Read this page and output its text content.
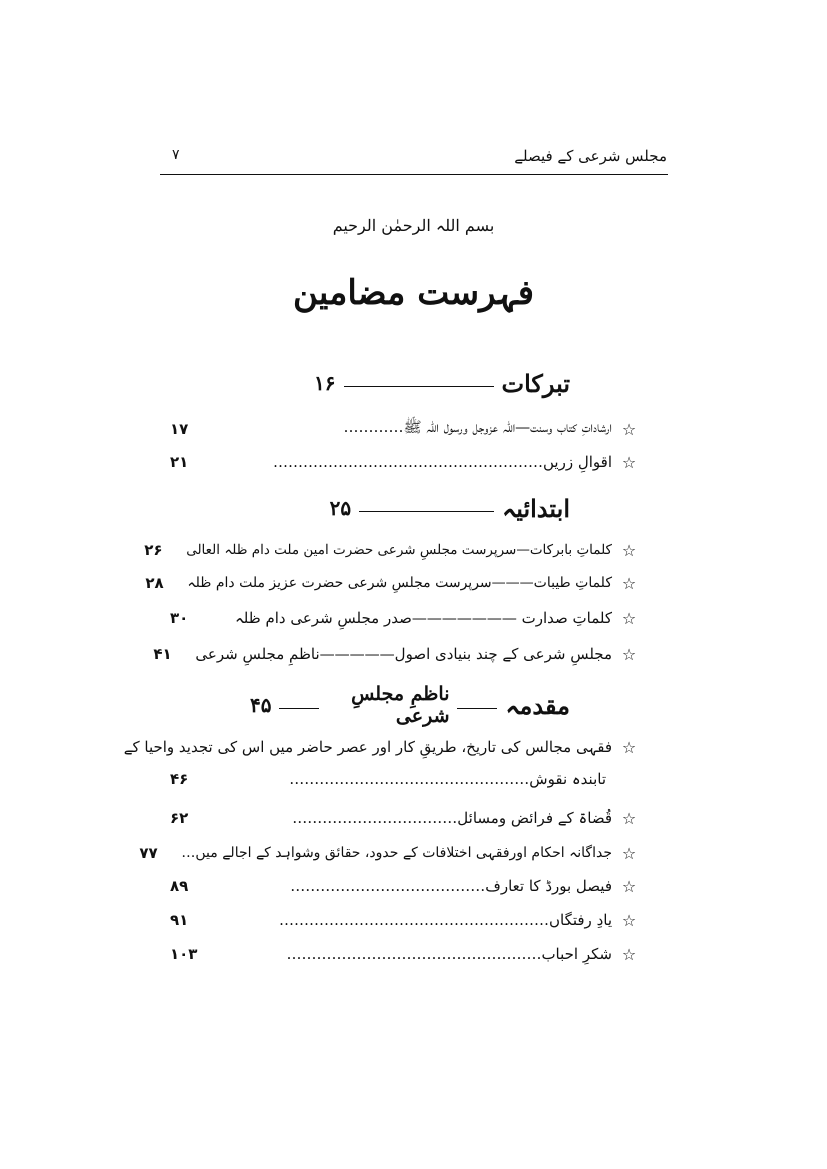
مجلس شرعی کے فیصلے
۷
بسم اللہ الرحمٰن الرحیم
فہرست مضامین
تبرکات
۱۶
☆
ارشاداتِ کتاب وسنت—اللہ عزوجل ورسول اللہ ﷺ…………
۱۷
☆
اقوالِ زریں………………………………………………
۲۱
ابتدائیہ
۲۵
☆
کلماتِ بابرکات—سرپرست مجلسِ شرعی حضرت امین ملت دام ظلہ العالی
۲۶
☆
کلماتِ طیبات———سرپرست مجلسِ شرعی حضرت عزیز ملت دام ظلہ
۲۸
☆
کلماتِ صدارت ———————صدر مجلسِ شرعی دام ظلہ
۳۰
☆
مجلسِ شرعی کے چند بنیادی اصول—————ناظمِ مجلسِ شرعی
۴۱
مقدمہ
ناظمِ مجلسِ شرعی
۴۵
☆
فقہی مجالس کی تاریخ، طریقِ کار اور عصر حاضر میں اس کی تجدید واحیا کے
تابندہ نقوش…………………………………………
۴۶
☆
قُضاۃ کے فرائض ومسائل……………………………
۶۲
☆
جداگانہ احکام اورفقہی اختلافات کے حدود، حقائق وشواہد کے اجالے میں…
۷۷
☆
فیصل بورڈ کا تعارف…………………………………
۸۹
☆
یادِ رفتگاں………………………………………………
۹۱
☆
شکرِ احباب……………………………………………
۱۰۳
